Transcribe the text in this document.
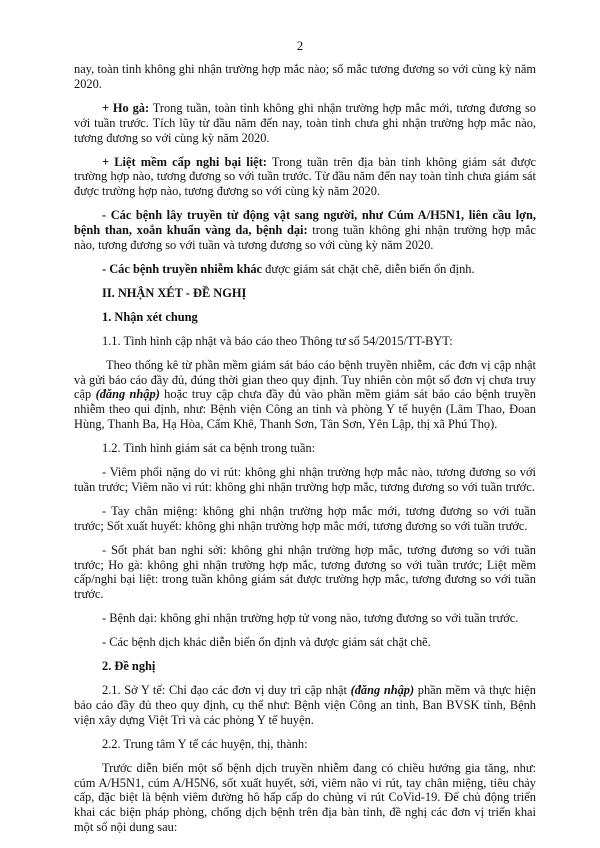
2

nay, toàn tỉnh không ghi nhận trường hợp mắc nào; số mắc tương đương so với cùng kỳ năm 2020.

+ Ho gà: Trong tuần, toàn tỉnh không ghi nhận trường hợp mắc mới, tương đương so với tuần trước. Tích lũy từ đầu năm đến nay, toàn tỉnh chưa ghi nhận trường hợp mắc nào, tương đương so với cùng kỳ năm 2020.

+ Liệt mềm cấp nghi bại liệt: Trong tuần trên địa bàn tỉnh không giám sát được trường hợp nào, tương đương so với tuần trước. Từ đầu năm đến nay toàn tỉnh chưa giám sát được trường hợp nào, tương đương so với cùng kỳ năm 2020.

- Các bệnh lây truyền từ động vật sang người, như Cúm A/H5N1, liên cầu lợn, bệnh than, xoắn khuẩn vàng da, bệnh dại: trong tuần không ghi nhận trường hợp mắc nào, tương đương so với tuần và tương đương so với cùng kỳ năm 2020.

- Các bệnh truyền nhiễm khác được giám sát chặt chẽ, diễn biến ổn định.

II. NHẬN XÉT - ĐỀ NGHỊ

1. Nhận xét chung

1.1. Tình hình cập nhật và báo cáo theo Thông tư số 54/2015/TT-BYT:

Theo thống kê từ phần mềm giám sát báo cáo bệnh truyền nhiễm, các đơn vị cập nhật và gửi báo cáo đầy đủ, đúng thời gian theo quy định. Tuy nhiên còn một số đơn vị chưa truy cập (đăng nhập) hoặc truy cập chưa đầy đủ vào phần mềm giám sát báo cáo bệnh truyền nhiễm theo qui định, như: Bệnh viện Công an tỉnh và phòng Y tế huyện (Lâm Thao, Đoan Hùng, Thanh Ba, Hạ Hòa, Cẩm Khê, Thanh Sơn, Tân Sơn, Yên Lập, thị xã Phú Thọ).

1.2. Tình hình giám sát ca bệnh trong tuần:

- Viêm phổi nặng do vi rút: không ghi nhận trường hợp mắc nào, tương đương so với tuần trước; Viêm não vi rút: không ghi nhận trường hợp mắc, tương đương so với tuần trước.

- Tay chân miệng: không ghi nhận trường hợp mắc mới, tương đương so với tuần trước; Sốt xuất huyết: không ghi nhận trường hợp mắc mới, tương đương so với tuần trước.

- Sốt phát ban nghi sởi: không ghi nhận trường hợp mắc, tương đương so với tuần trước; Ho gà: không ghi nhận trường hợp mắc, tương đương so với tuần trước; Liệt mềm cấp/nghi bại liệt: trong tuần không giám sát được trường hợp mắc, tương đương so với tuần trước.

- Bệnh dại: không ghi nhận trường hợp tử vong nào, tương đương so với tuần trước.

- Các bệnh dịch khác diễn biến ổn định và được giám sát chặt chẽ.

2. Đề nghị

2.1. Sở Y tế: Chỉ đạo các đơn vị duy trì cập nhật (đăng nhập) phần mềm và thực hiện báo cáo đầy đủ theo quy định, cụ thể như: Bệnh viện Công an tỉnh, Ban BVSK tỉnh, Bệnh viện xây dựng Việt Trì và các phòng Y tế huyện.

2.2. Trung tâm Y tế các huyện, thị, thành:

Trước diễn biến một số bệnh dịch truyền nhiễm đang có chiều hướng gia tăng, như: cúm A/H5N1, cúm A/H5N6, sốt xuất huyết, sởi, viêm não vi rút, tay chân miệng, tiêu chảy cấp, đặc biệt là bệnh viêm đường hô hấp cấp do chủng vi rút CoVid-19. Để chủ động triển khai các biện pháp phòng, chống dịch bệnh trên địa bàn tỉnh, đề nghị các đơn vị triển khai một số nội dung sau:
